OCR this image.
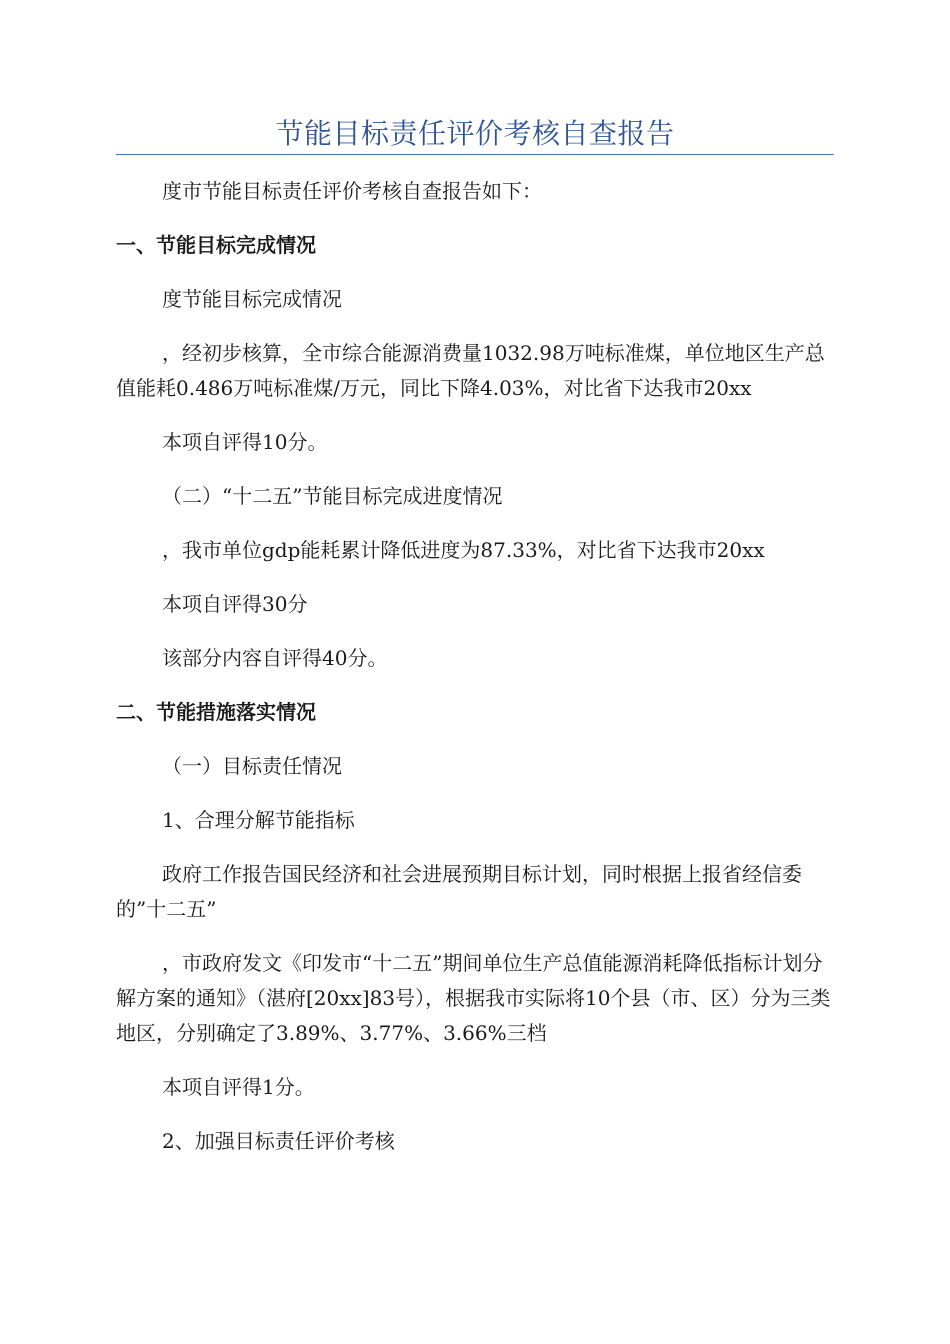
节能目标责任评价考核自查报告

度市节能目标责任评价考核自查报告如下：

一、节能目标完成情况

度节能目标完成情况

，经初步核算，全市综合能源消费量1032.98万吨标准煤，单位地区生产总值能耗0.486万吨标准煤/万元，同比下降4.03%，对比省下达我市20xx

本项自评得10分。

（二）“十二五”节能目标完成进度情况

，我市单位gdp能耗累计降低进度为87.33%，对比省下达我市20xx

本项自评得30分

该部分内容自评得40分。

二、节能措施落实情况

（一）目标责任情况

1、合理分解节能指标

政府工作报告国民经济和社会进展预期目标计划，同时根据上报省经信委的”十二五”

，市政府发文《印发市“十二五”期间单位生产总值能源消耗降低指标计划分解方案的通知》（湛府[20xx]83号），根据我市实际将10个县（市、区）分为三类地区，分别确定了3.89%、3.77%、3.66%三档

本项自评得1分。

2、加强目标责任评价考核
